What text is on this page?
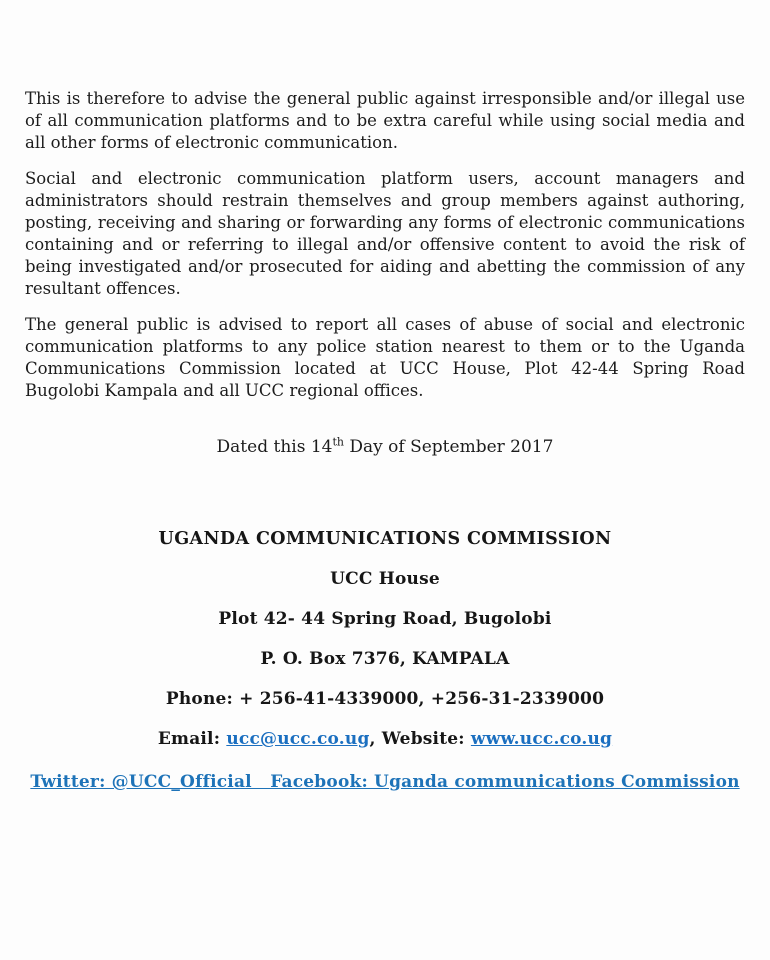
This is therefore to advise the general public against irresponsible and/or illegal use of all communication platforms and to be extra careful while using social media and all other forms of electronic communication.

Social and electronic communication platform users, account managers and administrators should restrain themselves and group members against authoring, posting, receiving and sharing or forwarding any forms of electronic communications containing and or referring to illegal and/or offensive content to avoid the risk of being investigated and/or prosecuted for aiding and abetting the commission of any resultant offences.

The general public is advised to report all cases of abuse of social and electronic communication platforms to any police station nearest to them or to the Uganda Communications Commission located at UCC House, Plot 42-44 Spring Road Bugolobi Kampala and all UCC regional offices.

Dated this 14th Day of September 2017

UGANDA COMMUNICATIONS COMMISSION

UCC House

Plot 42- 44 Spring Road, Bugolobi

P. O. Box 7376, KAMPALA

Phone: + 256-41-4339000, +256-31-2339000

Email: ucc@ucc.co.ug, Website: www.ucc.co.ug

Twitter: @UCC_Official   Facebook: Uganda communications Commission
